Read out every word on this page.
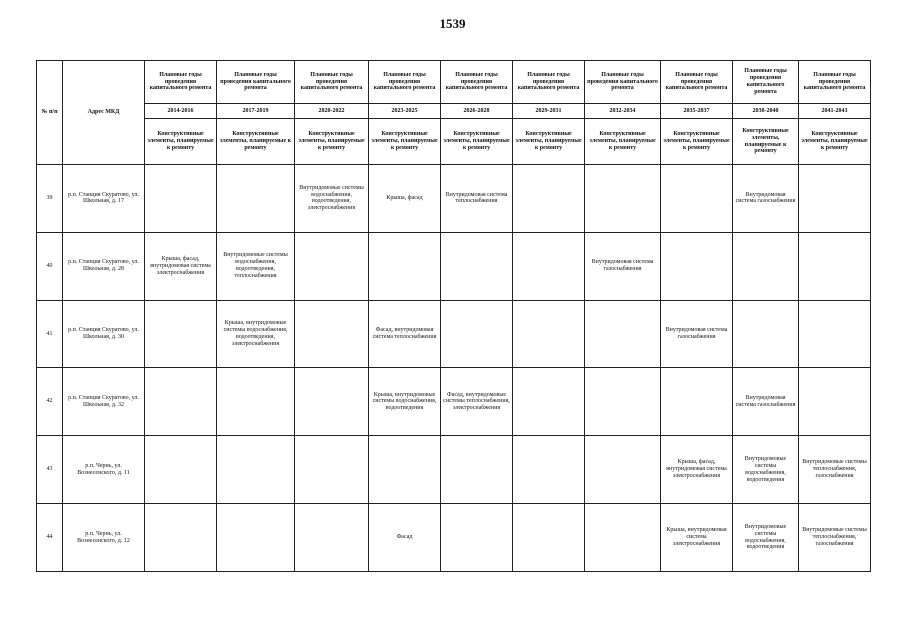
1539
№ п/п	Адрес МКД	Плановые годы проведения капитального ремонта	Плановые годы проведения капитального ремонта	Плановые годы проведения капитального ремонта	Плановые годы проведения капитального ремонта	Плановые годы проведения капитального ремонта	Плановые годы проведения капитального ремонта	Плановые годы проведения капитального ремонта	Плановые годы проведения капитального ремонта	Плановые годы проведения капитального ремонта	Плановые годы проведения капитального ремонта
		2014-2016	2017-2019	2020-2022	2023-2025	2026-2028	2029-2031	2032-2034	2035-2037	2038-2040	2041-2043
		Конструктивные элементы, планируемые к ремонту	Конструктивные элементы, планируемые к ремонту	Конструктивные элементы, планируемые к ремонту	Конструктивные элементы, планируемые к ремонту	Конструктивные элементы, планируемые к ремонту	Конструктивные элементы, планируемые к ремонту	Конструктивные элементы, планируемые к ремонту	Конструктивные элементы, планируемые к ремонту	Конструктивные элементы, планируемые к ремонту	Конструктивные элементы, планируемые к ремонту
39	р.п. Станция Скуратово, ул. Школьная, д. 17			Внутридомовые системы водоснабжения, водоотведения, электроснабжения	Крыша, фасад	Внутридомовая система теплоснабжения				Внутридомовая система газоснабжения	
40	р.п. Станция Скуратово, ул. Школьная, д. 28	Крыша, фасад, внутридомовая система электроснабжения	Внутридомовые системы водоснабжения, водоотведения, теплоснабжения					Внутридомовая система газоснабжения			
41	р.п. Станция Скуратово, ул. Школьная, д. 30		Крыша, внутридомовые системы водоснабжения, водоотведения, электроснабжения		Фасад, внутридомовая система теплоснабжения				Внутридомовая система газоснабжения		
42	р.п. Станция Скуратово, ул. Школьная, д. 32				Крыша, внутридомовые системы водоснабжения, водоотведения	Фасад, внутридомовые системы теплоснабжения, электроснабжения				Внутридомовая система газоснабжения	
43	р.п. Чернь, ул. Вознесенского, д. 11								Крыша, фасад, внутридомовая система электроснабжения	Внутридомовые системы водоснабжения, водоотведения	Внутридомовые системы теплоснабжения, газоснабжения
44	р.п. Чернь, ул. Вознесенского, д. 12				Фасад				Крыша, внутридомовая система электроснабжения	Внутридомовые системы водоснабжения, водоотведения	Внутридомовые системы теплоснабжения, газоснабжения
